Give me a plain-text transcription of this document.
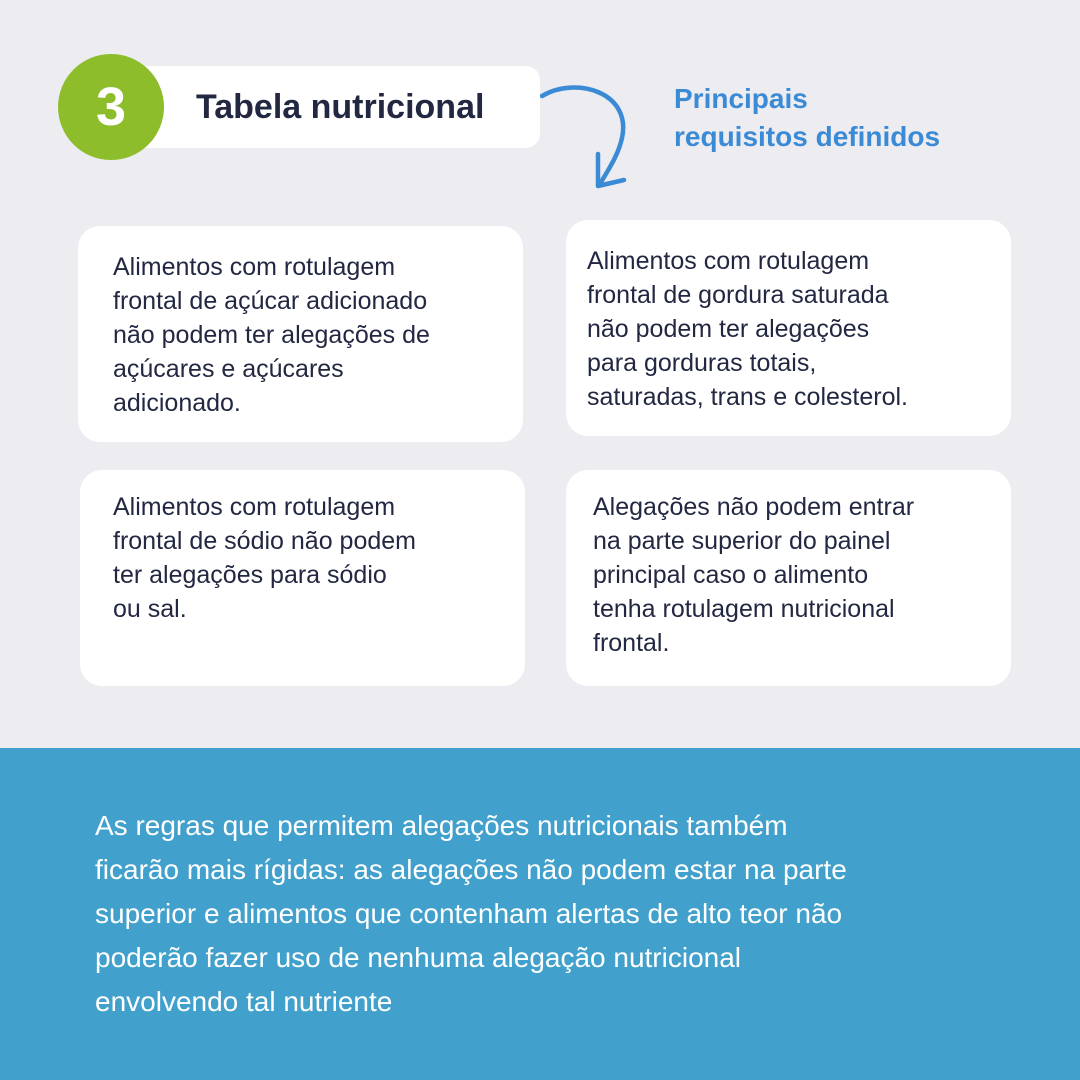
3	Tabela nutricional	Principais
requisitos definidos
Alimentos com rotulagem
frontal de açúcar adicionado
não podem ter alegações de
açúcares e açúcares
adicionado.
Alimentos com rotulagem
frontal de gordura saturada
não podem ter alegações
para gorduras totais,
saturadas, trans e colesterol.
Alimentos com rotulagem
frontal de sódio não podem
ter alegações para sódio
ou sal.
Alegações não podem entrar
na parte superior do painel
principal caso o alimento
tenha rotulagem nutricional
frontal.
As regras que permitem alegações nutricionais também
ficarão mais rígidas: as alegações não podem estar na parte
superior e alimentos que contenham alertas de alto teor não
poderão fazer uso de nenhuma alegação nutricional
envolvendo tal nutriente
